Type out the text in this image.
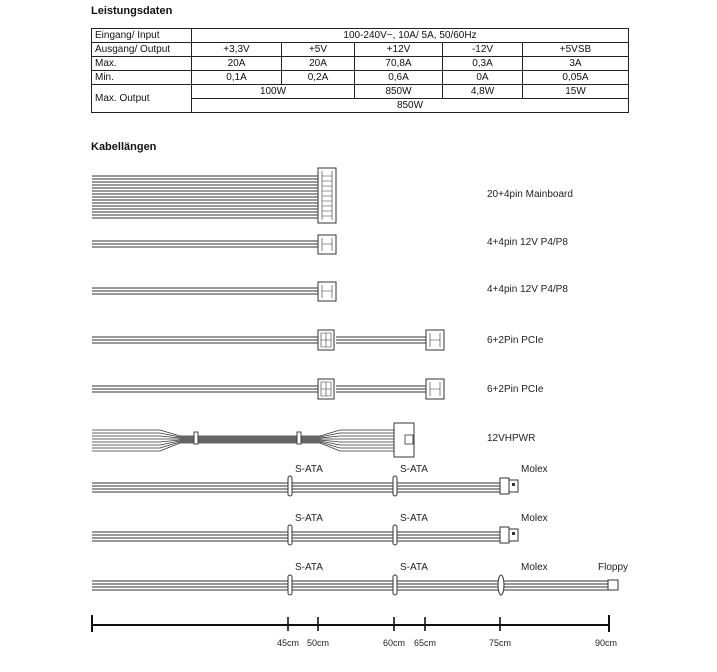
Leistungsdaten
Eingang/ Input	100-240V~, 10A/ 5A, 50/60Hz				
Ausgang/ Output	+3,3V	+5V	+12V	-12V	+5VSB
Max.	20A	20A	70,8A	0,3A	3A
Min.	0,1A	0,2A	0,6A	0A	0,05A
Max. Output	100W		850W	4,8W	15W
	850W				
Kabellängen
20+4pin Mainboard
4+4pin 12V P4/P8
4+4pin 12V P4/P8
6+2Pin PCIe
6+2Pin PCIe
12VHPWR
S-ATA	S-ATA	Molex
S-ATA	S-ATA	Molex
S-ATA	S-ATA	Molex	Floppy
45cm 50cm	60cm 65cm	75cm	90cm
